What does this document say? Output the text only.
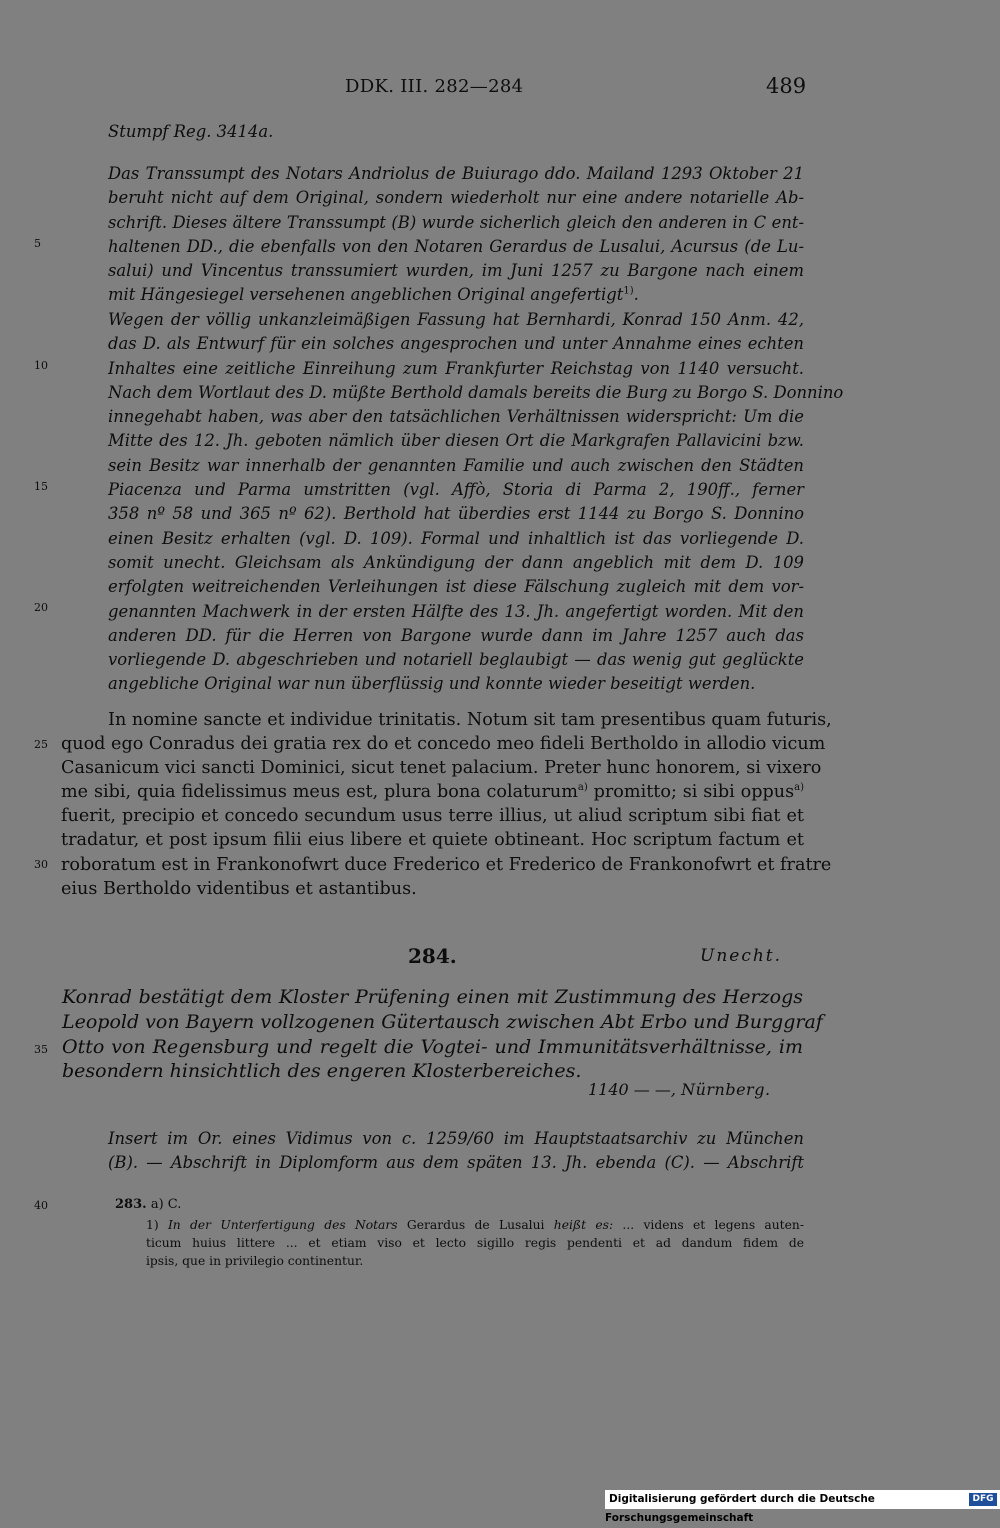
DDK. III. 282—284	489
Stumpf Reg. 3414a.
Das Transsumpt des Notars Andriolus de Buiurago ddo. Mailand 1293 Oktober 21
beruht nicht auf dem Original, sondern wiederholt nur eine andere notarielle Ab-
schrift. Dieses ältere Transsumpt (B) wurde sicherlich gleich den anderen in C ent-
haltenen DD., die ebenfalls von den Notaren Gerardus de Lusalui, Acursus (de Lu-
salui) und Vincentus transsumiert wurden, im Juni 1257 zu Bargone nach einem
mit Hängesiegel versehenen angeblichen Original angefertigt$^{1)}$.
Wegen der völlig unkanzleimäßigen Fassung hat Bernhardi, Konrad 150 Anm. 42,
das D. als Entwurf für ein solches angesprochen und unter Annahme eines echten
Inhaltes eine zeitliche Einreihung zum Frankfurter Reichstag von 1140 versucht.
Nach dem Wortlaut des D. müßte Berthold damals bereits die Burg zu Borgo S. Donnino
innegehabt haben, was aber den tatsächlichen Verhältnissen widerspricht: Um die
Mitte des 12. Jh. geboten nämlich über diesen Ort die Markgrafen Pallavicini bzw.
sein Besitz war innerhalb der genannten Familie und auch zwischen den Städten
Piacenza und Parma umstritten (vgl. Affò, Storia di Parma 2, 190ff., ferner
358 nº 58 und 365 nº 62). Berthold hat überdies erst 1144 zu Borgo S. Donnino
einen Besitz erhalten (vgl. D. 109). Formal und inhaltlich ist das vorliegende D.
somit unecht. Gleichsam als Ankündigung der dann angeblich mit dem D. 109
erfolgten weitreichenden Verleihungen ist diese Fälschung zugleich mit dem vor-
genannten Machwerk in der ersten Hälfte des 13. Jh. angefertigt worden. Mit den
anderen DD. für die Herren von Bargone wurde dann im Jahre 1257 auch das
vorliegende D. abgeschrieben und notariell beglaubigt — das wenig gut geglückte
angebliche Original war nun überflüssig und konnte wieder beseitigt werden.
In nomine sancte et individue trinitatis. Notum sit tam presentibus quam futuris,
quod ego Conradus dei gratia rex do et concedo meo fideli Bertholdo in allodio vicum
Casanicum vici sancti Dominici, sicut tenet palacium. Preter hunc honorem, si vixero
me sibi, quia fidelissimus meus est, plura bona colaturum$^{a)}$ promitto; si sibi oppus$^{a)}$
fuerit, precipio et concedo secundum usus terre illius, ut aliud scriptum sibi fiat et
tradatur, et post ipsum filii eius libere et quiete obtineant. Hoc scriptum factum et
roboratum est in Frankonofwrt duce Frederico et Frederico de Frankonofwrt et fratre
eius Bertholdo videntibus et astantibus.
5
10
15
20
25
30
35
40
284.	Unecht.
Konrad bestätigt dem Kloster Prüfening einen mit Zustimmung des Herzogs
Leopold von Bayern vollzogenen Gütertausch zwischen Abt Erbo und Burggraf
Otto von Regensburg und regelt die Vogtei- und Immunitätsverhältnisse, im
besondern hinsichtlich des engeren Klosterbereiches.
1140 — —, Nürnberg.
Insert im Or. eines Vidimus von c. 1259/60 im Hauptstaatsarchiv zu München
(B). — Abschrift in Diplomform aus dem späten 13. Jh. ebenda (C). — Abschrift
283. a) C.
1) In der Unterfertigung des Notars Gerardus de Lusalui heißt es: ... videns et legens auten-
ticum huius littere ... et etiam viso et lecto sigillo regis pendenti et ad dandum fidem de
ipsis, que in privilegio continentur.
Digitalisierung gefördert durch die Deutsche Forschungsgemeinschaft
DFG
